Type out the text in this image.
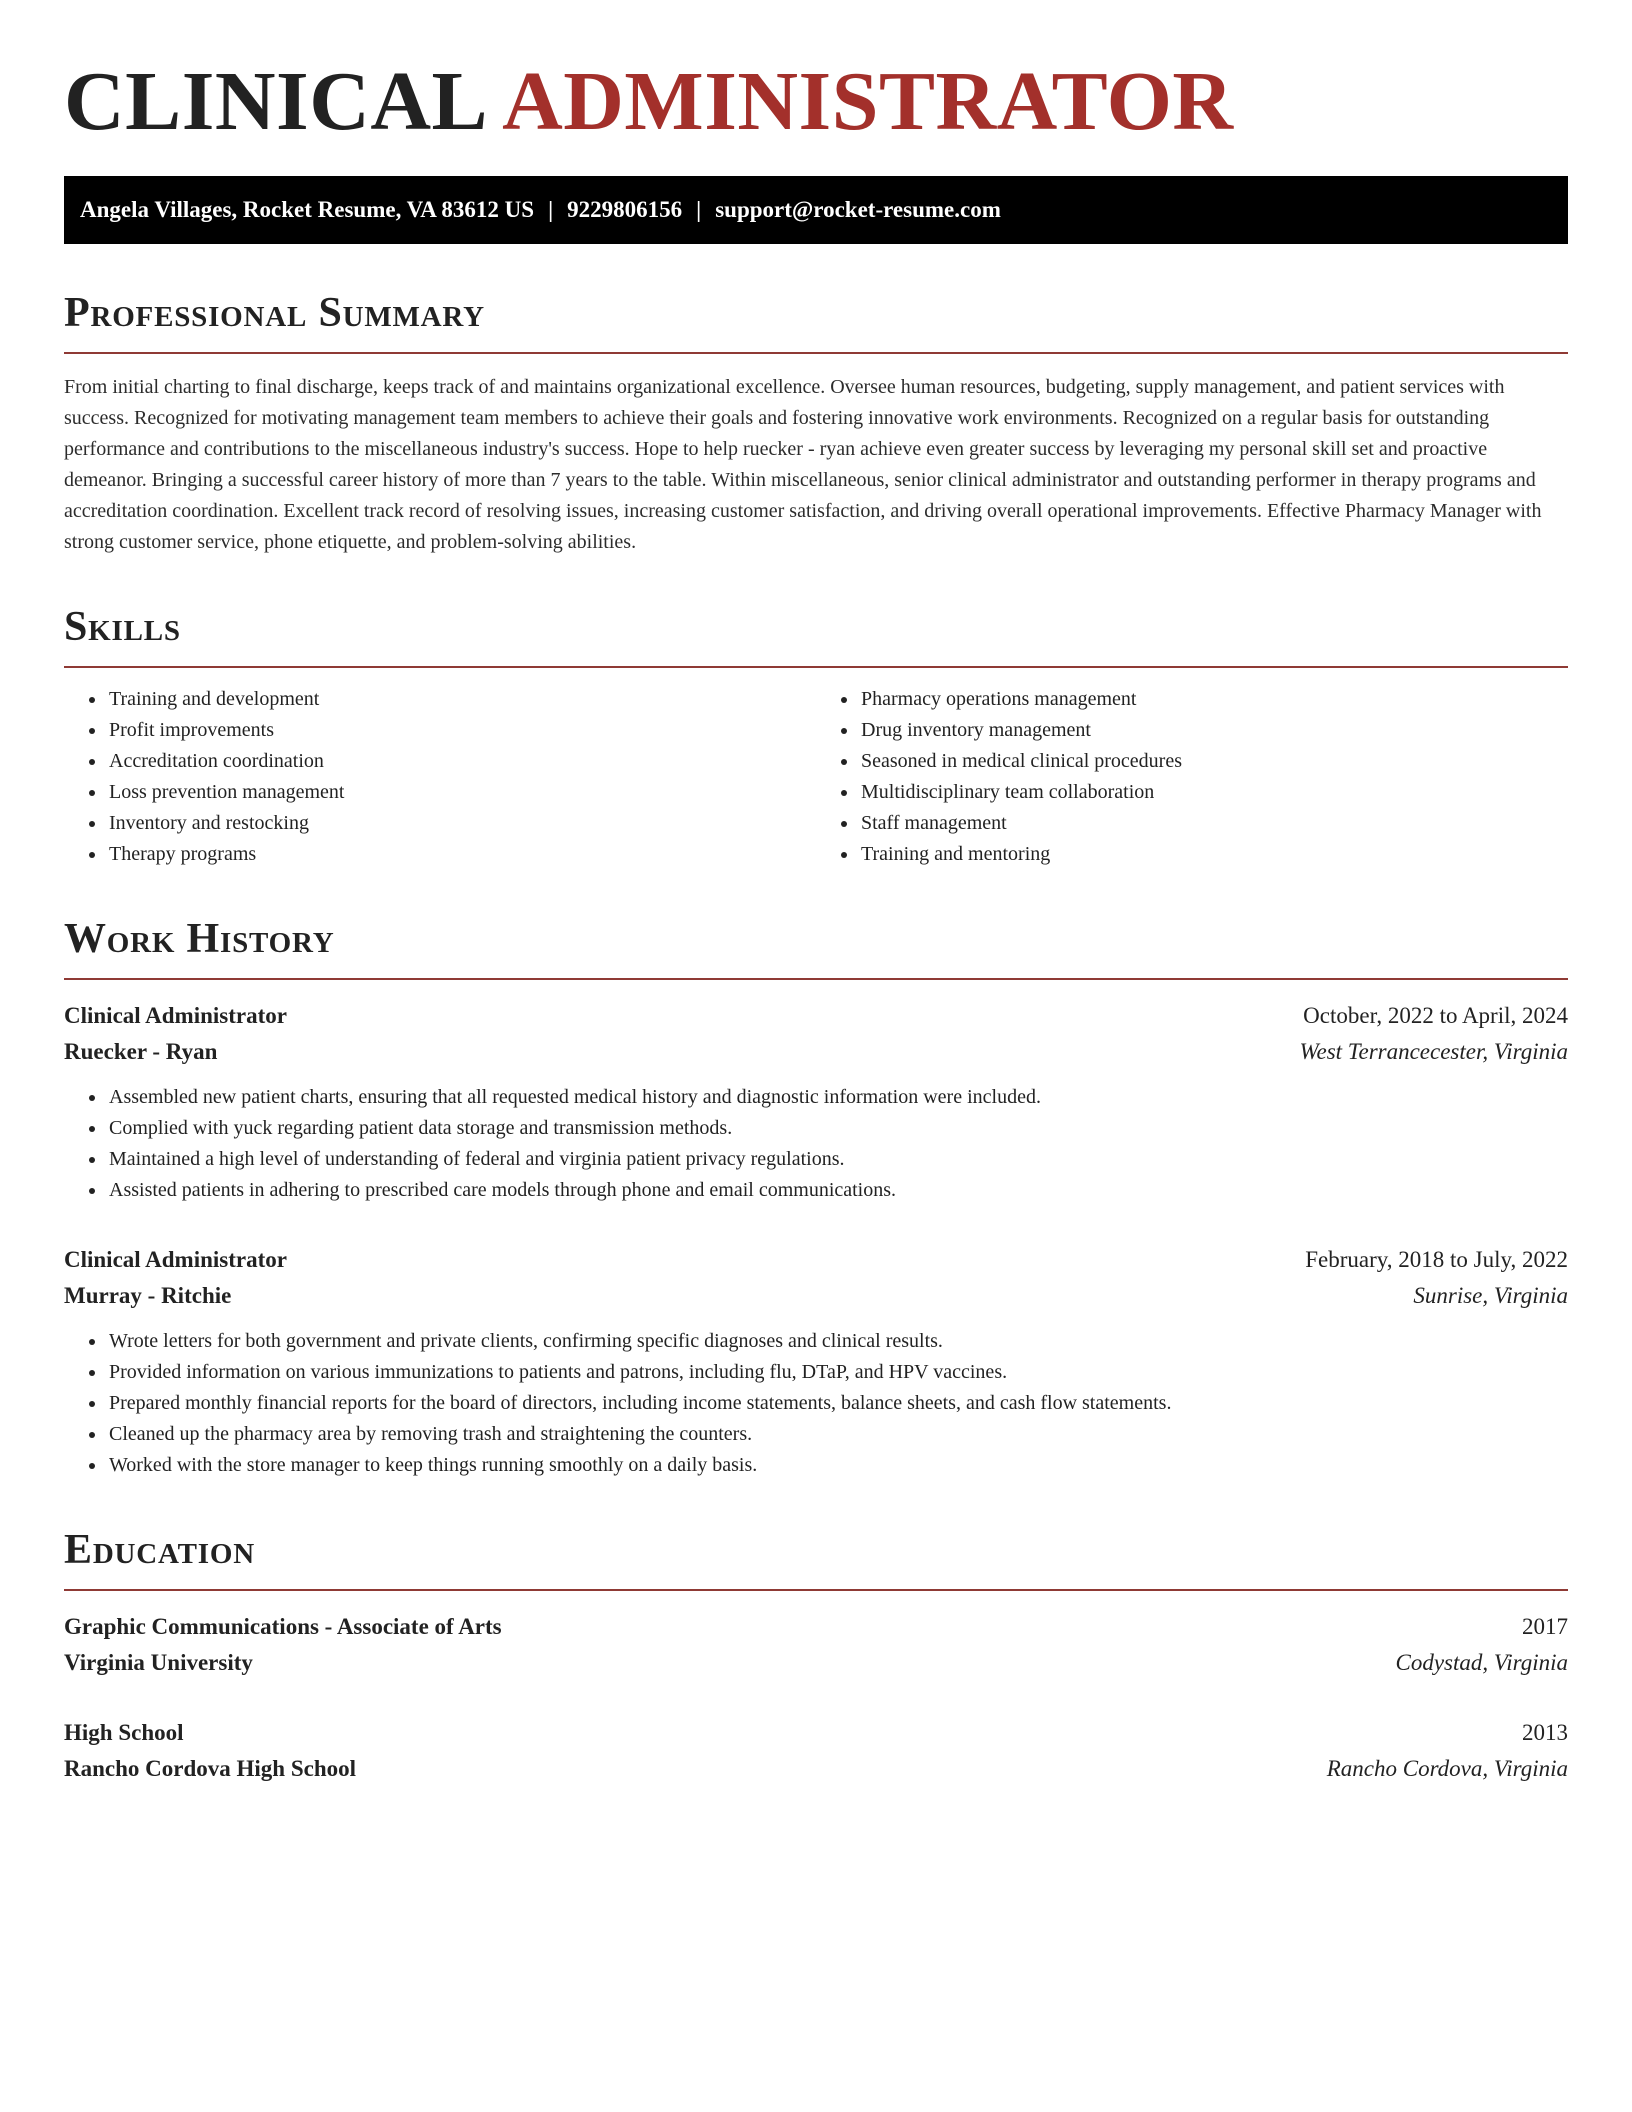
CLINICAL ADMINISTRATOR
Angela Villages, Rocket Resume, VA 83612 US | 9229806156 | support@rocket-resume.com
Professional Summary

From initial charting to final discharge, keeps track of and maintains organizational excellence. Oversee human resources, budgeting, supply management, and patient services with success. Recognized for motivating management team members to achieve their goals and fostering innovative work environments. Recognized on a regular basis for outstanding performance and contributions to the miscellaneous industry's success. Hope to help ruecker - ryan achieve even greater success by leveraging my personal skill set and proactive demeanor. Bringing a successful career history of more than 7 years to the table. Within miscellaneous, senior clinical administrator and outstanding performer in therapy programs and accreditation coordination. Excellent track record of resolving issues, increasing customer satisfaction, and driving overall operational improvements. Effective Pharmacy Manager with strong customer service, phone etiquette, and problem-solving abilities.

Skills
• Training and development
• Profit improvements
• Accreditation coordination
• Loss prevention management
• Inventory and restocking
• Therapy programs
• Pharmacy operations management
• Drug inventory management
• Seasoned in medical clinical procedures
• Multidisciplinary team collaboration
• Staff management
• Training and mentoring
Work History
Clinical Administrator	October, 2022 to April, 2024
Ruecker - Ryan	West Terrancecester, Virginia
• Assembled new patient charts, ensuring that all requested medical history and diagnostic information were included.
• Complied with yuck regarding patient data storage and transmission methods.
• Maintained a high level of understanding of federal and virginia patient privacy regulations.
• Assisted patients in adhering to prescribed care models through phone and email communications.
Clinical Administrator	February, 2018 to July, 2022
Murray - Ritchie	Sunrise, Virginia
• Wrote letters for both government and private clients, confirming specific diagnoses and clinical results.
• Provided information on various immunizations to patients and patrons, including flu, DTaP, and HPV vaccines.
• Prepared monthly financial reports for the board of directors, including income statements, balance sheets, and cash flow statements.
• Cleaned up the pharmacy area by removing trash and straightening the counters.
• Worked with the store manager to keep things running smoothly on a daily basis.
Education
Graphic Communications - Associate of Arts	2017
Virginia University	Codystad, Virginia
High School	2013
Rancho Cordova High School	Rancho Cordova, Virginia
